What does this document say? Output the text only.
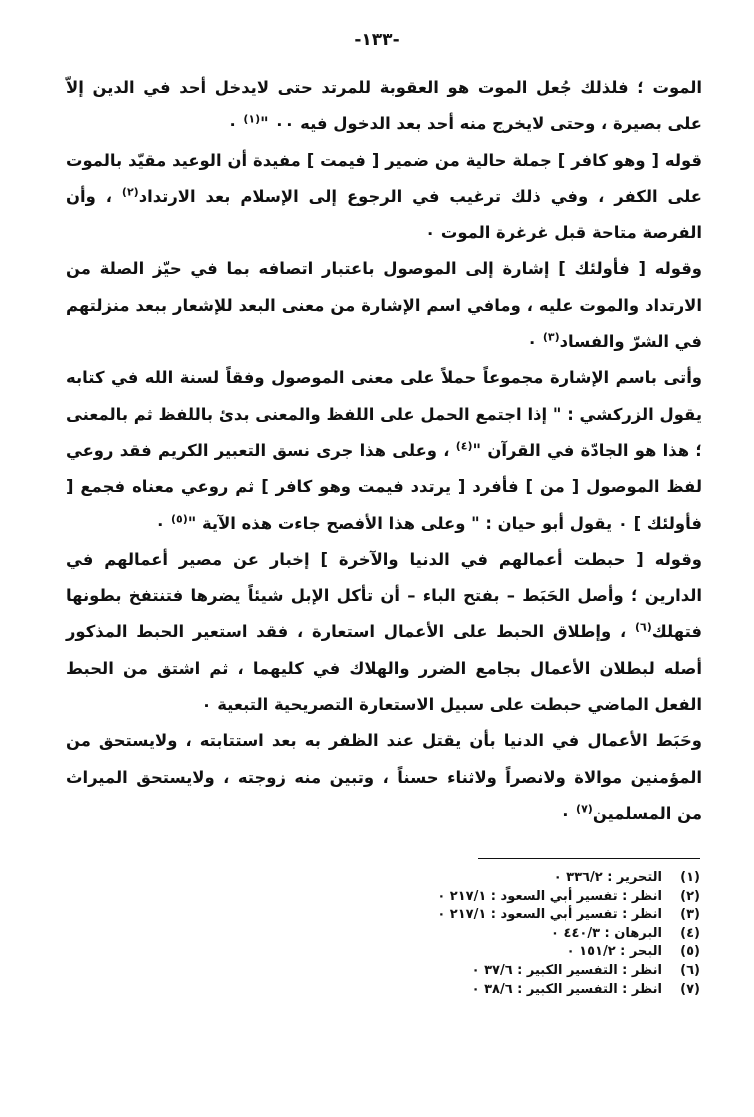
-١٣٣-

الموت ؛ فلذلك جُعل الموت هو العقوبة للمرتد حتى لايدخل أحد في الدين إلاّ على بصيرة ، وحتى لايخرج منه أحد بعد الدخول فيه ٠٠ "$^{(١)}$ ٠

قوله [ وهو كافر ] جملة حالية من ضمير [ فيمت ] مفيدة أن الوعيد مقيّد بالموت على الكفر ، وفي ذلك ترغيب في الرجوع إلى الإسلام بعد الارتداد$^{(٢)}$ ، وأن الفرصة متاحة قبل غرغرة الموت ٠

وقوله [ فأولئك ] إشارة إلى الموصول باعتبار اتصافه بما في حيّز الصلة من الارتداد والموت عليه ، ومافي اسم الإشارة من معنى البعد للإشعار ببعد منزلتهم في الشرّ والفساد$^{(٣)}$ ٠

وأتى باسم الإشارة مجموعاً حملاً على معنى الموصول وفقاً لسنة الله في كتابه يقول الزركشي : " إذا اجتمع الحمل على اللفظ والمعنى بدئ باللفظ ثم بالمعنى ؛ هذا هو الجادّة في القرآن "$^{(٤)}$ ، وعلى هذا جرى نسق التعبير الكريم فقد روعي لفظ الموصول [ من ] فأفرد [ يرتدد فيمت وهو كافر ] ثم روعي معناه فجمع [ فأولئك ] ٠ يقول أبو حيان : " وعلى هذا الأفصح جاءت هذه الآية "$^{(٥)}$ ٠

وقوله [ حبطت أعمالهم في الدنيا والآخرة ] إخبار عن مصير أعمالهم في الدارين ؛ وأصل الحَبَط – بفتح الباء – أن تأكل الإبل شيئاً يضرها فتنتفخ بطونها فتهلك$^{(٦)}$ ، وإطلاق الحبط على الأعمال استعارة ، فقد استعير الحبط المذكور أصله لبطلان الأعمال بجامع الضرر والهلاك في كليهما ، ثم اشتق من الحبط الفعل الماضي حبطت على سبيل الاستعارة التصريحية التبعية ٠

وحَبَط الأعمال في الدنيا بأن يقتل عند الظفر به بعد استتابته ، ولايستحق من المؤمنين موالاة ولانصراً ولاثناء حسناً ، وتبين منه زوجته ، ولايستحق الميراث من المسلمين$^{(٧)}$ ٠

(١)
التحرير : ٣٣٦/٢ ٠
(٢)
انظر : تفسير أبي السعود : ٢١٧/١ ٠
(٣)
انظر : تفسير أبي السعود : ٢١٧/١ ٠
(٤)
البرهان : ٤٤٠/٣ ٠
(٥)
البحر : ١٥١/٢ ٠
(٦)
انظر : التفسير الكبير : ٣٧/٦ ٠
(٧)
انظر : التفسير الكبير : ٣٨/٦ ٠
